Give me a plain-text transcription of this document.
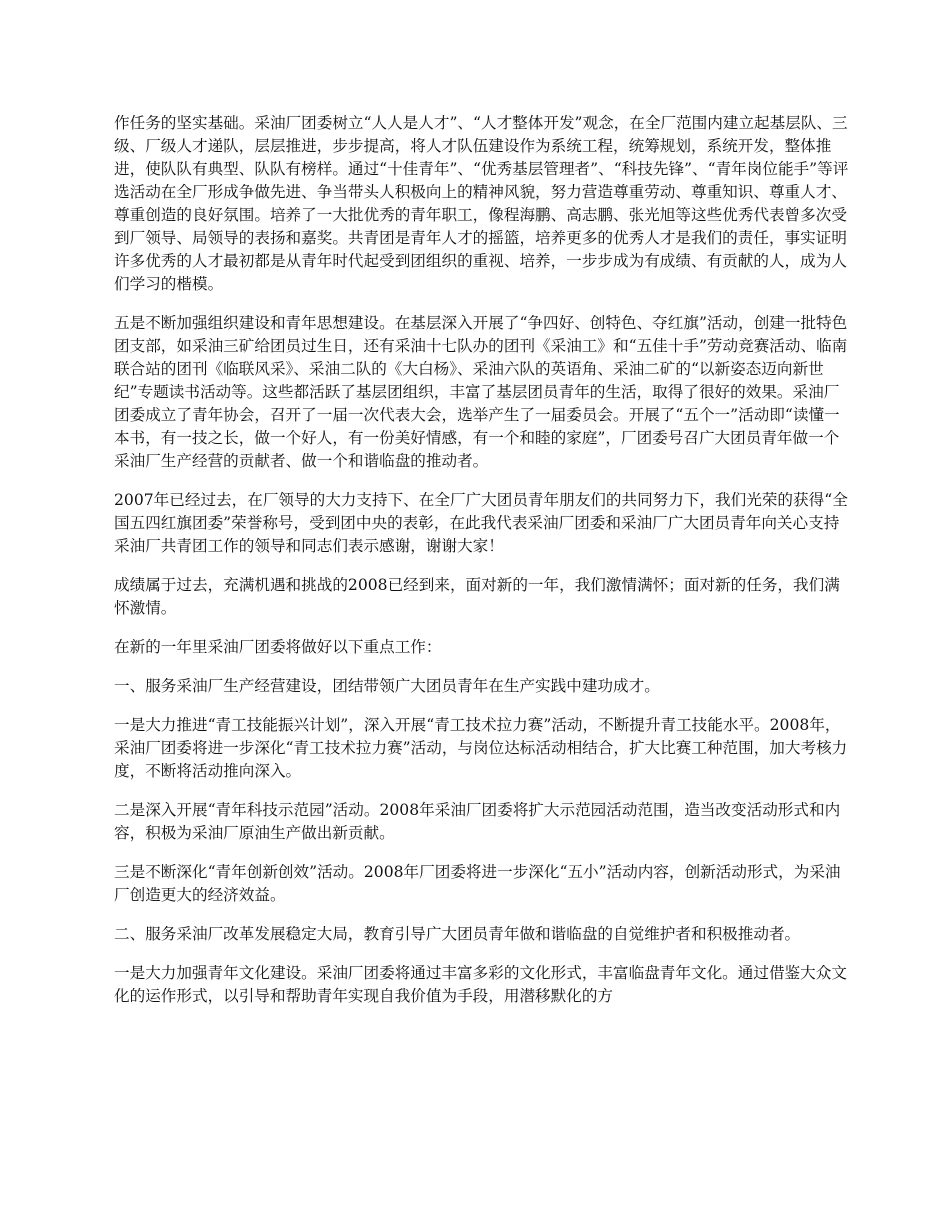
作任务的坚实基础。采油厂团委树立“人人是人才”、“人才整体开发”观念，在全厂范围内建立起基层队、三级、厂级人才递队，层层推进，步步提高，将人才队伍建设作为系统工程，统筹规划，系统开发，整体推进，使队队有典型、队队有榜样。通过“十佳青年”、“优秀基层管理者”、“科技先锋”、“青年岗位能手”等评选活动在全厂形成争做先进、争当带头人积极向上的精神风貌，努力营造尊重劳动、尊重知识、尊重人才、尊重创造的良好氛围。培养了一大批优秀的青年职工，像程海鹏、高志鹏、张光旭等这些优秀代表曾多次受到厂领导、局领导的表扬和嘉奖。共青团是青年人才的摇篮，培养更多的优秀人才是我们的责任，事实证明许多优秀的人才最初都是从青年时代起受到团组织的重视、培养，一步步成为有成绩、有贡献的人，成为人们学习的楷模。

五是不断加强组织建设和青年思想建设。在基层深入开展了“争四好、创特色、夺红旗”活动，创建一批特色团支部，如采油三矿给团员过生日，还有采油十七队办的团刊《采油工》和“五佳十手”劳动竞赛活动、临南联合站的团刊《临联风采》、采油二队的《大白杨》、采油六队的英语角、采油二矿的“以新姿态迈向新世纪”专题读书活动等。这些都活跃了基层团组织，丰富了基层团员青年的生活，取得了很好的效果。采油厂团委成立了青年协会，召开了一届一次代表大会，选举产生了一届委员会。开展了“五个一”活动即“读懂一本书，有一技之长，做一个好人，有一份美好情感，有一个和睦的家庭”，厂团委号召广大团员青年做一个采油厂生产经营的贡献者、做一个和谐临盘的推动者。

2007年已经过去，在厂领导的大力支持下、在全厂广大团员青年朋友们的共同努力下，我们光荣的获得“全国五四红旗团委”荣誉称号，受到团中央的表彰，在此我代表采油厂团委和采油厂广大团员青年向关心支持采油厂共青团工作的领导和同志们表示感谢，谢谢大家！

成绩属于过去，充满机遇和挑战的2008已经到来，面对新的一年，我们激情满怀；面对新的任务，我们满怀激情。

在新的一年里采油厂团委将做好以下重点工作：

一、服务采油厂生产经营建设，团结带领广大团员青年在生产实践中建功成才。

一是大力推进“青工技能振兴计划”，深入开展“青工技术拉力赛”活动，不断提升青工技能水平。2008年，采油厂团委将进一步深化“青工技术拉力赛”活动，与岗位达标活动相结合，扩大比赛工种范围，加大考核力度，不断将活动推向深入。

二是深入开展“青年科技示范园”活动。2008年采油厂团委将扩大示范园活动范围，造当改变活动形式和内容，积极为采油厂原油生产做出新贡献。

三是不断深化“青年创新创效”活动。2008年厂团委将进一步深化“五小”活动内容，创新活动形式，为采油厂创造更大的经济效益。

二、服务采油厂改革发展稳定大局，教育引导广大团员青年做和谐临盘的自觉维护者和积极推动者。

一是大力加强青年文化建设。采油厂团委将通过丰富多彩的文化形式，丰富临盘青年文化。通过借鉴大众文化的运作形式，以引导和帮助青年实现自我价值为手段，用潜移默化的方
